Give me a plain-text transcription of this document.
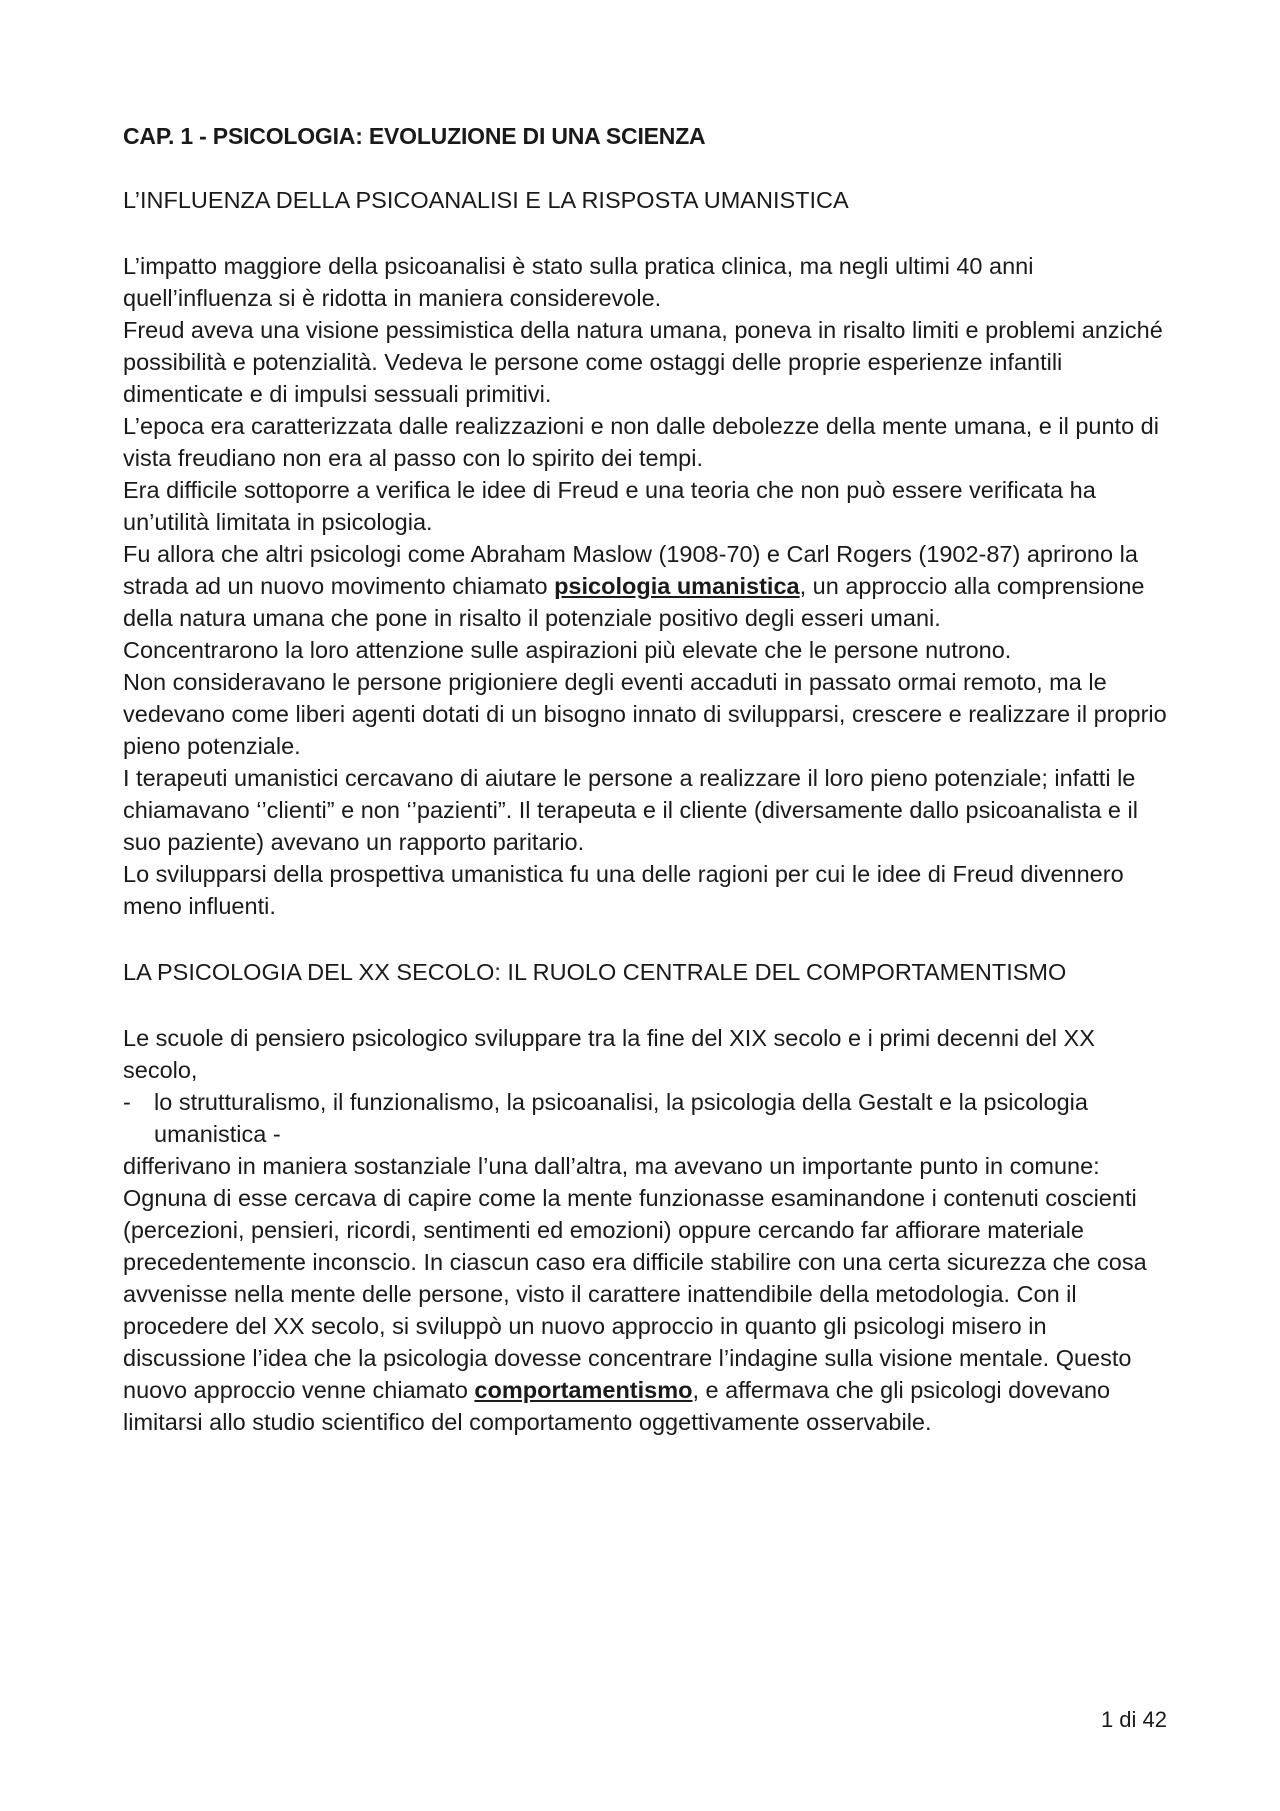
CAP. 1 - PSICOLOGIA: EVOLUZIONE DI UNA SCIENZA
L’INFLUENZA DELLA PSICOANALISI E LA RISPOSTA UMANISTICA

L’impatto maggiore della psicoanalisi è stato sulla pratica clinica, ma negli ultimi 40 anni quell’influenza si è ridotta in maniera considerevole.

Freud aveva una visione pessimistica della natura umana, poneva in risalto limiti e problemi anziché possibilità e potenzialità. Vedeva le persone come ostaggi delle proprie esperienze infantili dimenticate e di impulsi sessuali primitivi.

L’epoca era caratterizzata dalle realizzazioni e non dalle debolezze della mente umana, e il punto di vista freudiano non era al passo con lo spirito dei tempi.

Era difficile sottoporre a verifica le idee di Freud e una teoria che non può essere verificata ha un’utilità limitata in psicologia.

Fu allora che altri psicologi come Abraham Maslow (1908-70) e Carl Rogers (1902-87) aprirono la strada ad un nuovo movimento chiamato psicologia umanistica, un approccio alla comprensione della natura umana che pone in risalto il potenziale positivo degli esseri umani.

Concentrarono la loro attenzione sulle aspirazioni più elevate che le persone nutrono.

Non consideravano le persone prigioniere degli eventi accaduti in passato ormai remoto, ma le vedevano come liberi agenti dotati di un bisogno innato di svilupparsi, crescere e realizzare il proprio pieno potenziale.

I terapeuti umanistici cercavano di aiutare le persone a realizzare il loro pieno potenziale; infatti le chiamavano ‘’clienti” e non ‘’pazienti”. Il terapeuta e il cliente (diversamente dallo psicoanalista e il suo paziente) avevano un rapporto paritario.

Lo svilupparsi della prospettiva umanistica fu una delle ragioni per cui le idee di Freud divennero meno influenti.

LA PSICOLOGIA DEL XX SECOLO: IL RUOLO CENTRALE DEL COMPORTAMENTISMO

Le scuole di pensiero psicologico sviluppare tra la fine del XIX secolo e i primi decenni del XX secolo,

- lo strutturalismo, il funzionalismo, la psicoanalisi, la psicologia della Gestalt e la psicologia umanistica -

differivano in maniera sostanziale l’una dall’altra, ma avevano un importante punto in comune:

Ognuna di esse cercava di capire come la mente funzionasse esaminandone i contenuti coscienti (percezioni, pensieri, ricordi, sentimenti ed emozioni) oppure cercando far affiorare materiale precedentemente inconscio. In ciascun caso era difficile stabilire con una certa sicurezza che cosa avvenisse nella mente delle persone, visto il carattere inattendibile della metodologia. Con il procedere del XX secolo, si sviluppò un nuovo approccio in quanto gli psicologi misero in discussione l’idea che la psicologia dovesse concentrare l’indagine sulla visione mentale. Questo nuovo approccio venne chiamato comportamentismo, e affermava che gli psicologi dovevano limitarsi allo studio scientifico del comportamento oggettivamente osservabile.

1 di 42
